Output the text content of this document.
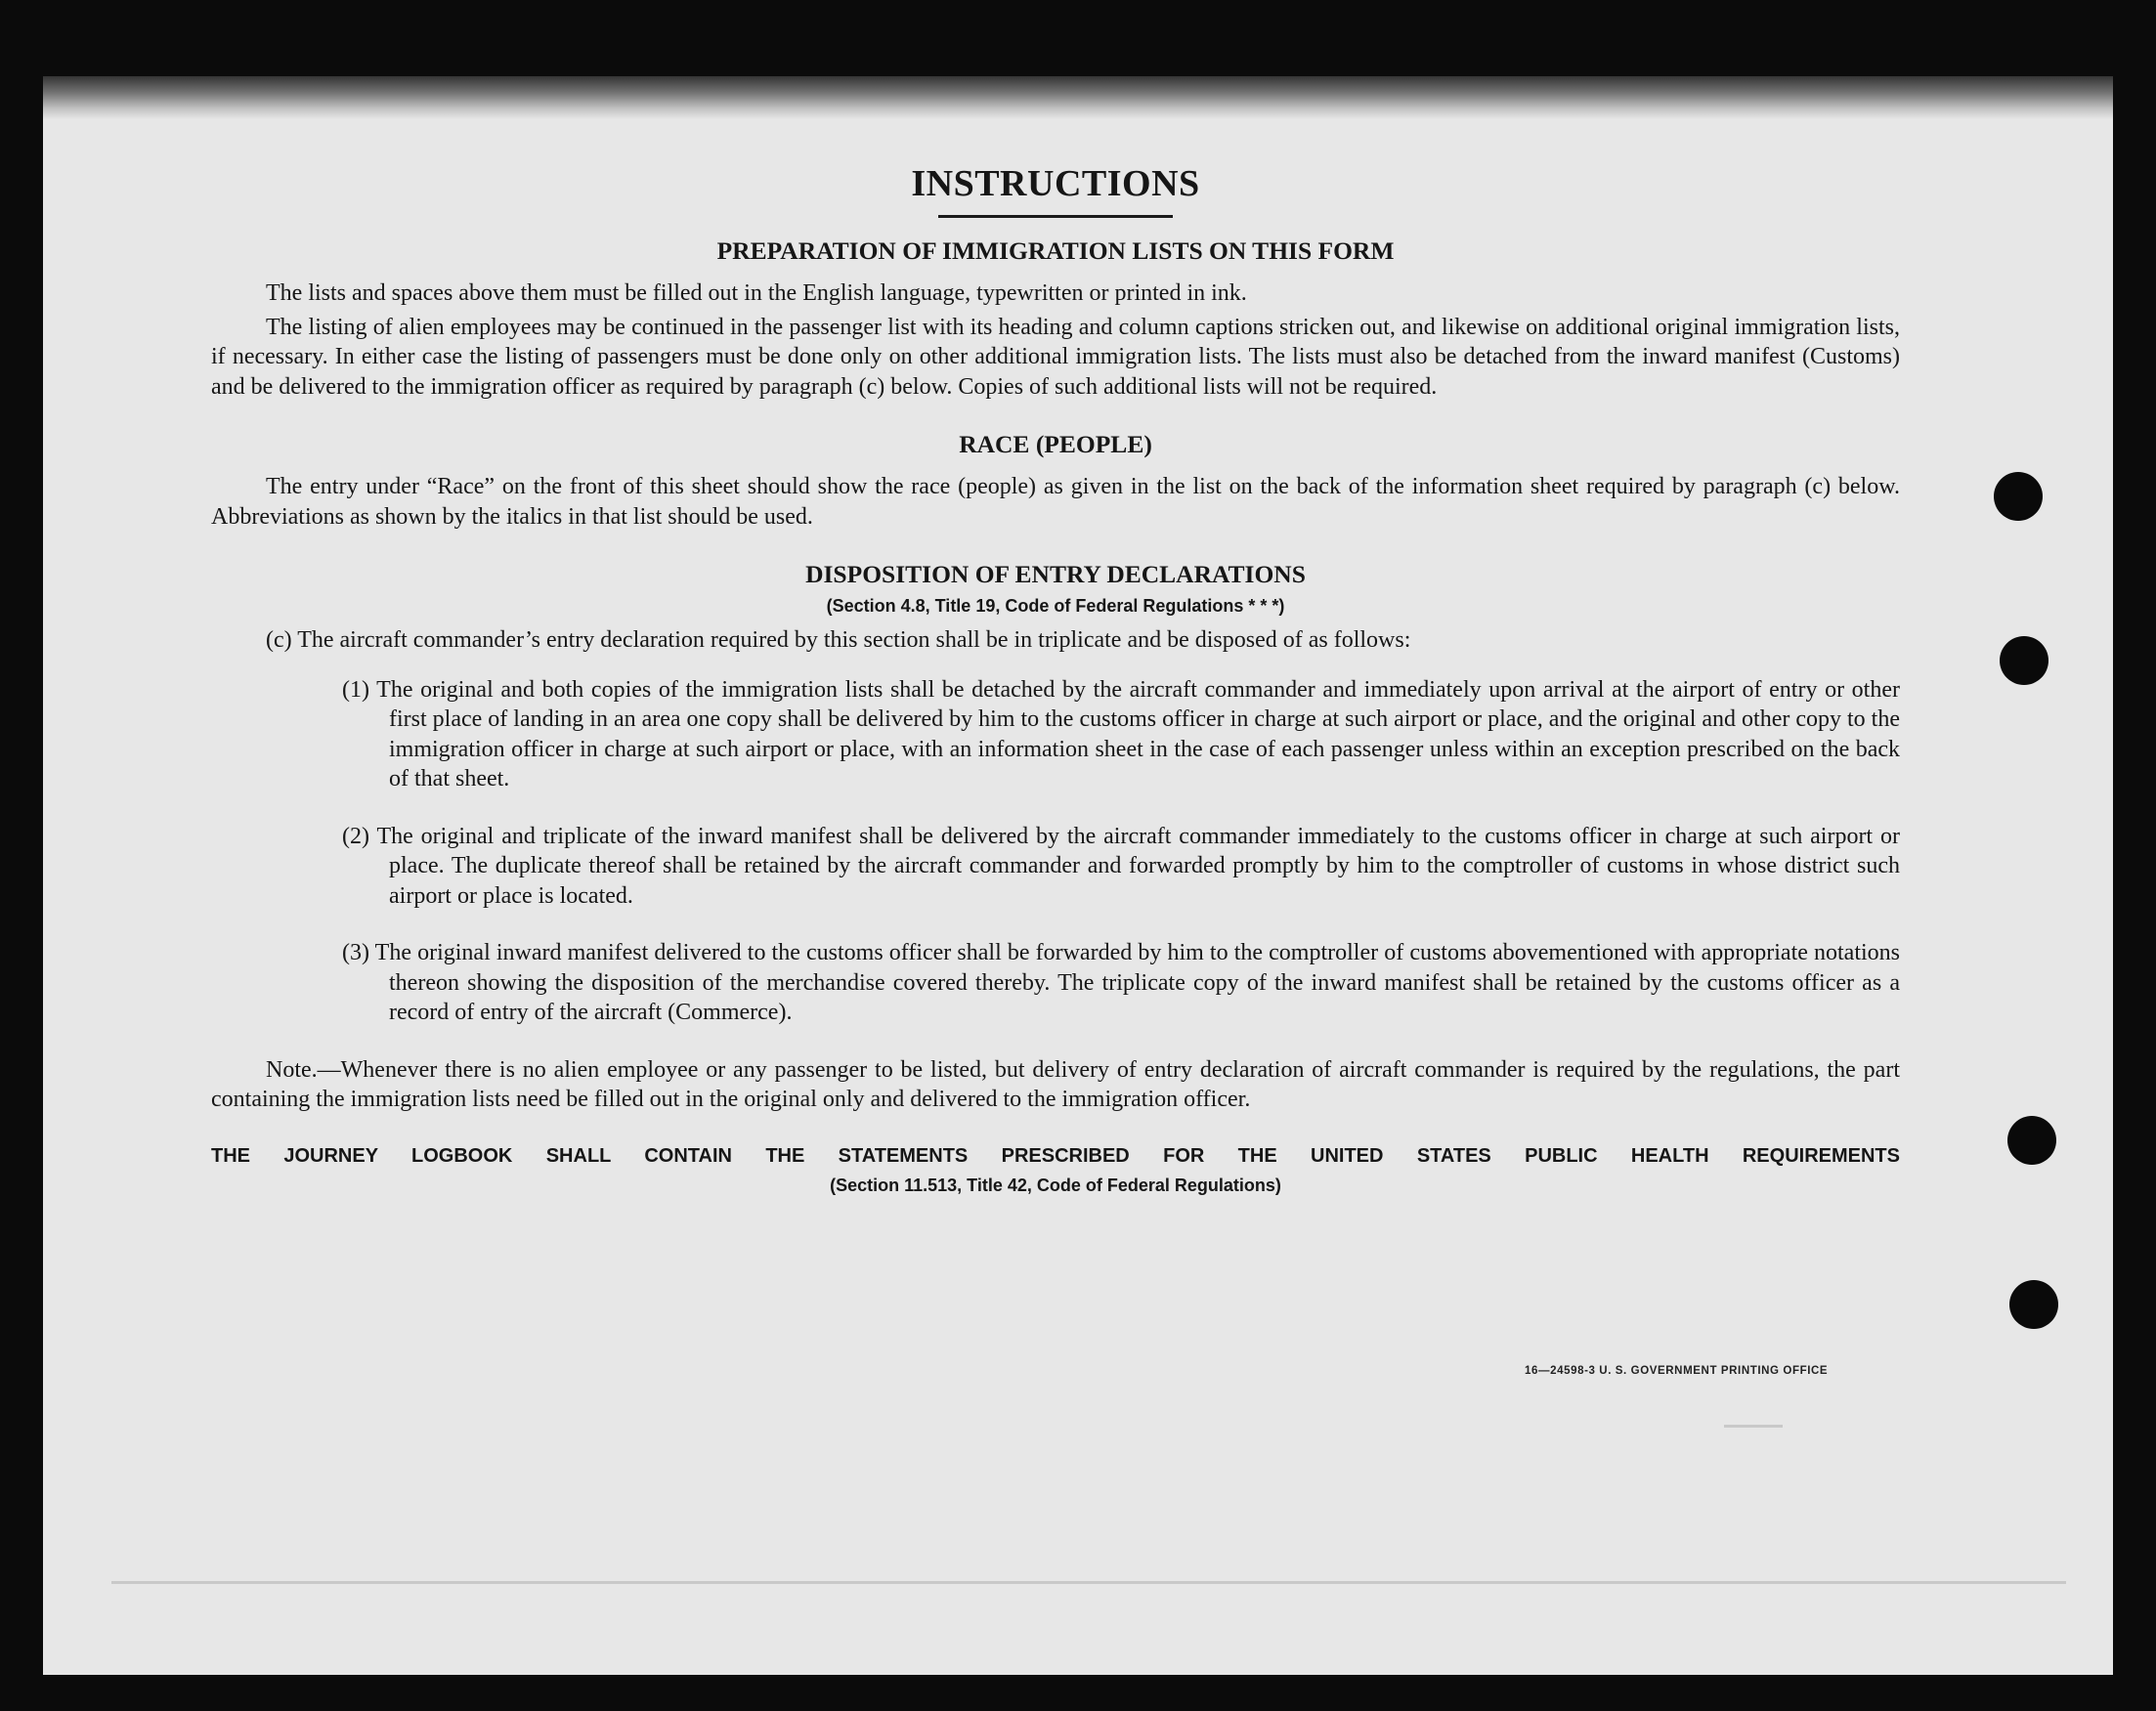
INSTRUCTIONS
PREPARATION OF IMMIGRATION LISTS ON THIS FORM

The lists and spaces above them must be filled out in the English language, typewritten or printed in ink.

The listing of alien employees may be continued in the passenger list with its heading and column captions stricken out, and likewise on additional original immigration lists, if necessary. In either case the listing of passengers must be done only on other additional immigration lists. The lists must also be detached from the inward manifest (Customs) and be delivered to the immigration officer as required by paragraph (c) below. Copies of such additional lists will not be required.

RACE (PEOPLE)

The entry under “Race” on the front of this sheet should show the race (people) as given in the list on the back of the information sheet required by paragraph (c) below. Abbreviations as shown by the italics in that list should be used.

DISPOSITION OF ENTRY DECLARATIONS
(Section 4.8, Title 19, Code of Federal Regulations * * *)

(c) The aircraft commander’s entry declaration required by this section shall be in triplicate and be disposed of as follows:

(1) The original and both copies of the immigration lists shall be detached by the aircraft commander and immediately upon arrival at the airport of entry or other first place of landing in an area one copy shall be delivered by him to the customs officer in charge at such airport or place, and the original and other copy to the immigration officer in charge at such airport or place, with an information sheet in the case of each passenger unless within an exception prescribed on the back of that sheet.
(2) The original and triplicate of the inward manifest shall be delivered by the aircraft commander immediately to the customs officer in charge at such airport or place. The duplicate thereof shall be retained by the aircraft commander and forwarded promptly by him to the comptroller of customs in whose district such airport or place is located.
(3) The original inward manifest delivered to the customs officer shall be forwarded by him to the comptroller of customs abovementioned with appropriate notations thereon showing the disposition of the merchandise covered thereby. The triplicate copy of the inward manifest shall be retained by the customs officer as a record of entry of the aircraft (Commerce).

Note.—Whenever there is no alien employee or any passenger to be listed, but delivery of entry declaration of aircraft commander is required by the regulations, the part containing the immigration lists need be filled out in the original only and delivered to the immigration officer.

THE JOURNEY LOGBOOK SHALL CONTAIN THE STATEMENTS PRESCRIBED FOR THE UNITED STATES PUBLIC HEALTH REQUIREMENTS

(Section 11.513, Title 42, Code of Federal Regulations)
16—24598-3 U. S. GOVERNMENT PRINTING OFFICE
